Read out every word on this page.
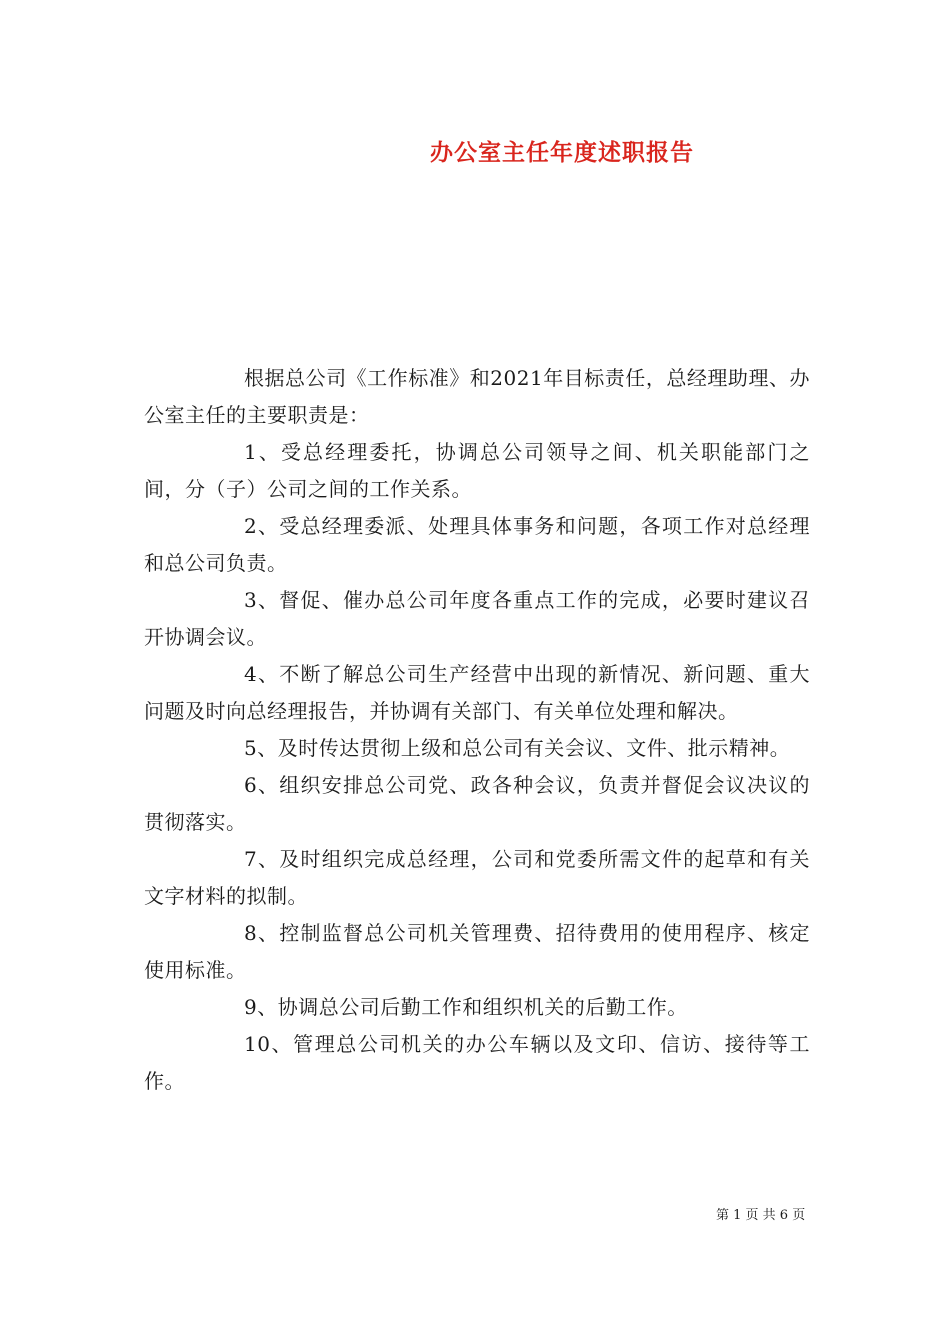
办公室主任年度述职报告

根据总公司《工作标准》和2021年目标责任，总经理助理、办公室主任的主要职责是：

1、受总经理委托，协调总公司领导之间、机关职能部门之间，分（子）公司之间的工作关系。

2、受总经理委派、处理具体事务和问题，各项工作对总经理和总公司负责。

3、督促、催办总公司年度各重点工作的完成，必要时建议召开协调会议。

4、不断了解总公司生产经营中出现的新情况、新问题、重大问题及时向总经理报告，并协调有关部门、有关单位处理和解决。

5、及时传达贯彻上级和总公司有关会议、文件、批示精神。

6、组织安排总公司党、政各种会议，负责并督促会议决议的贯彻落实。

7、及时组织完成总经理，公司和党委所需文件的起草和有关文字材料的拟制。

8、控制监督总公司机关管理费、招待费用的使用程序、核定使用标准。

9、协调总公司后勤工作和组织机关的后勤工作。

10、管理总公司机关的办公车辆以及文印、信访、接待等工作。

第 1 页 共 6 页
